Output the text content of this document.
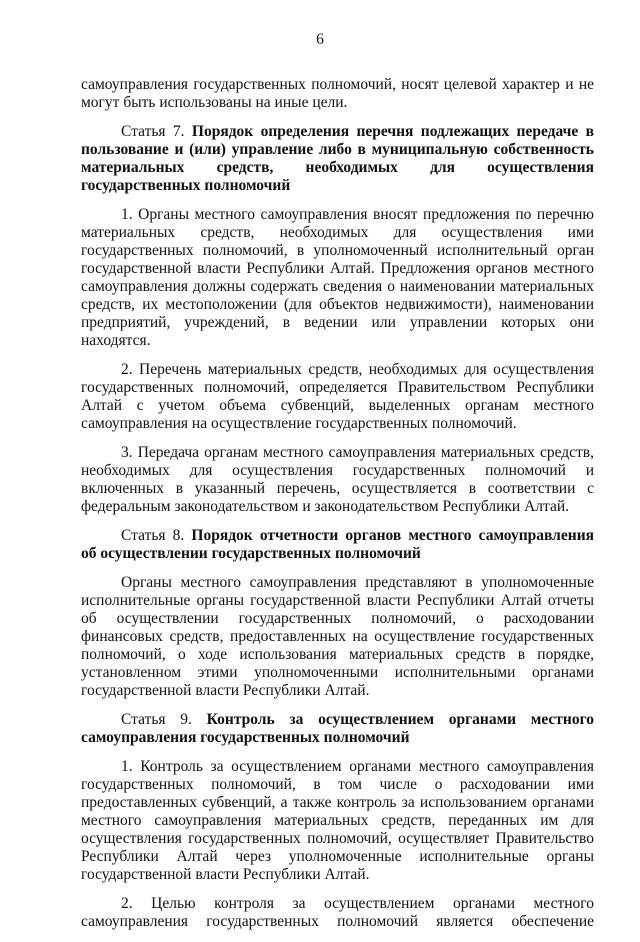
6

самоуправления государственных полномочий, носят целевой характер и не могут быть использованы на иные цели.

Статья 7. Порядок определения перечня подлежащих передаче в пользование и (или) управление либо в муниципальную собственность материальных средств, необходимых для осуществления государственных полномочий

1. Органы местного самоуправления вносят предложения по перечню материальных средств, необходимых для осуществления ими государственных полномочий, в уполномоченный исполнительный орган государственной власти Республики Алтай. Предложения органов местного самоуправления должны содержать сведения о наименовании материальных средств, их местоположении (для объектов недвижимости), наименовании предприятий, учреждений, в ведении или управлении которых они находятся.

2. Перечень материальных средств, необходимых для осуществления государственных полномочий, определяется Правительством Республики Алтай с учетом объема субвенций, выделенных органам местного самоуправления на осуществление государственных полномочий.

3. Передача органам местного самоуправления материальных средств, необходимых для осуществления государственных полномочий и включенных в указанный перечень, осуществляется в соответствии с федеральным законодательством и законодательством Республики Алтай.

Статья 8. Порядок отчетности органов местного самоуправления об осуществлении государственных полномочий

Органы местного самоуправления представляют в уполномоченные исполнительные органы государственной власти Республики Алтай отчеты об осуществлении государственных полномочий, о расходовании финансовых средств, предоставленных на осуществление государственных полномочий, о ходе использования материальных средств в порядке, установленном этими уполномоченными исполнительными органами государственной власти Республики Алтай.

Статья 9. Контроль за осуществлением органами местного самоуправления государственных полномочий

1. Контроль за осуществлением органами местного самоуправления государственных полномочий, в том числе о расходовании ими предоставленных субвенций, а также контроль за использованием органами местного самоуправления материальных средств, переданных им для осуществления государственных полномочий, осуществляет Правительство Республики Алтай через уполномоченные исполнительные органы государственной власти Республики Алтай.

2. Целью контроля за осуществлением органами местного самоуправления государственных полномочий является обеспечение
